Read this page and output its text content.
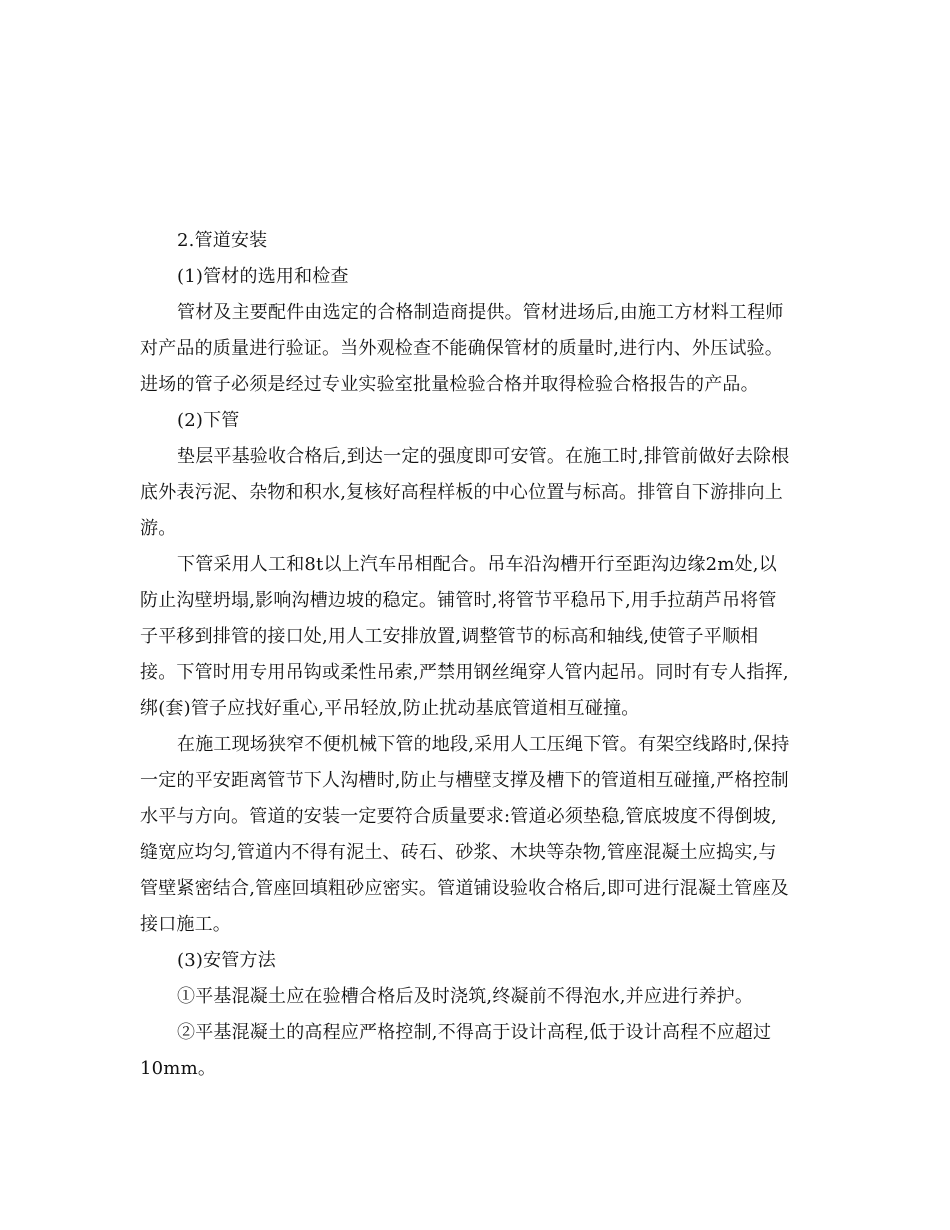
2.管道安装
(1)管材的选用和检查
管材及主要配件由选定的合格制造商提供。管材进场后,由施工方材料工程师
对产品的质量进行验证。当外观检查不能确保管材的质量时,进行内、外压试验。
进场的管子必须是经过专业实验室批量检验合格并取得检验合格报告的产品。
(2)下管
垫层平基验收合格后,到达一定的强度即可安管。在施工时,排管前做好去除根
底外表污泥、杂物和积水,复核好高程样板的中心位置与标高。排管自下游排向上
游。
下管采用人工和8t以上汽车吊相配合。吊车沿沟槽开行至距沟边缘2m处,以
防止沟壁坍塌,影响沟槽边坡的稳定。铺管时,将管节平稳吊下,用手拉葫芦吊将管
子平移到排管的接口处,用人工安排放置,调整管节的标高和轴线,使管子平顺相
接。下管时用专用吊钩或柔性吊索,严禁用钢丝绳穿人管内起吊。同时有专人指挥,
绑(套)管子应找好重心,平吊轻放,防止扰动基底管道相互碰撞。
在施工现场狭窄不便机械下管的地段,采用人工压绳下管。有架空线路时,保持
一定的平安距离管节下人沟槽时,防止与槽壁支撑及槽下的管道相互碰撞,严格控制
水平与方向。管道的安装一定要符合质量要求:管道必须垫稳,管底坡度不得倒坡,
缝宽应均匀,管道内不得有泥土、砖石、砂浆、木块等杂物,管座混凝土应捣实,与
管壁紧密结合,管座回填粗砂应密实。管道铺设验收合格后,即可进行混凝土管座及
接口施工。
(3)安管方法
①平基混凝土应在验槽合格后及时浇筑,终凝前不得泡水,并应进行养护。
②平基混凝土的高程应严格控制,不得高于设计高程,低于设计高程不应超过
10mm。
